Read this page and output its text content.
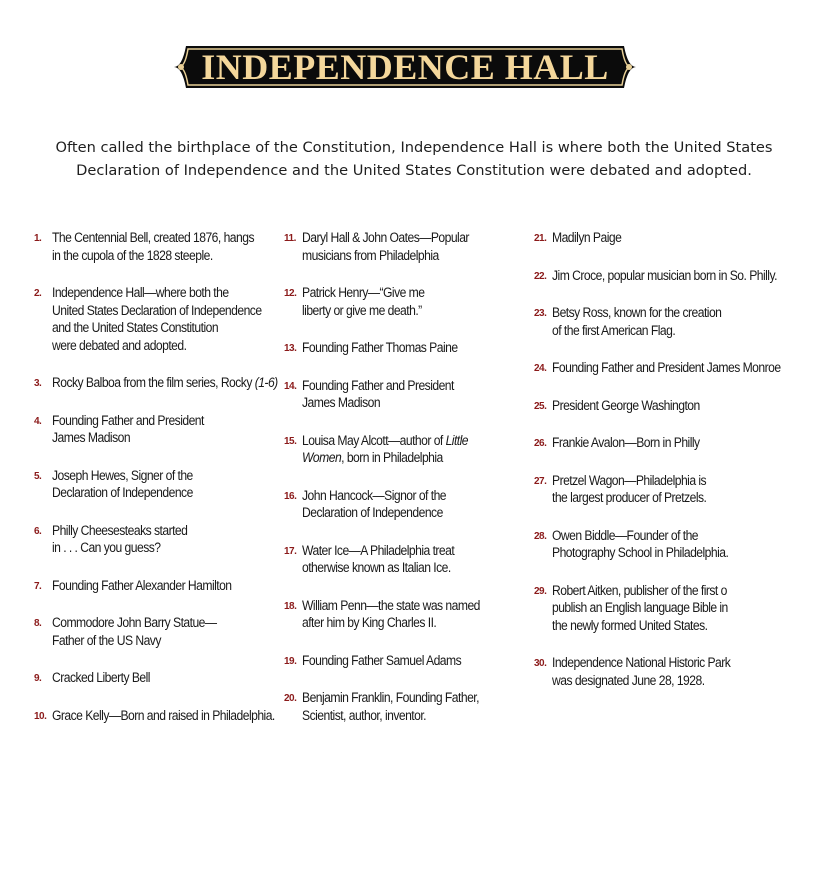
INDEPENDENCE HALL
Often called the birthplace of the Constitution, Independence Hall is where both the United States
Declaration of Independence and the United States Constitution were debated and adopted.
1. The Centennial Bell, created 1876, hangs
in the cupola of the 1828 steeple.
2. Independence Hall—where both the
United States Declaration of Independence
and the United States Constitution
were debated and adopted.
3. Rocky Balboa from the film series, Rocky (1-6)
4. Founding Father and President
James Madison
5. Joseph Hewes, Signer of the
Declaration of Independence
6. Philly Cheesesteaks started
in . . . Can you guess?
7. Founding Father Alexander Hamilton
8. Commodore John Barry Statue—
Father of the US Navy
9. Cracked Liberty Bell
10. Grace Kelly—Born and raised in Philadelphia.
11. Daryl Hall & John Oates—Popular
musicians from Philadelphia
12. Patrick Henry—“Give me
liberty or give me death.”
13. Founding Father Thomas Paine
14. Founding Father and President
James Madison
15. Louisa May Alcott—author of Little
Women, born in Philadelphia
16. John Hancock—Signor of the
Declaration of Independence
17. Water Ice—A Philadelphia treat
otherwise known as Italian Ice.
18. William Penn—the state was named
after him by King Charles II.
19. Founding Father Samuel Adams
20. Benjamin Franklin, Founding Father,
Scientist, author, inventor.
21. Madilyn Paige
22. Jim Croce, popular musician born in So. Philly.
23. Betsy Ross, known for the creation
of the first American Flag.
24. Founding Father and President James Monroe
25. President George Washington
26. Frankie Avalon—Born in Philly
27. Pretzel Wagon—Philadelphia is
the largest producer of Pretzels.
28. Owen Biddle—Founder of the
Photography School in Philadelphia.
29. Robert Aitken, publisher of the first o
publish an English language Bible in
the newly formed United States.
30. Independence National Historic Park
was designated June 28, 1928.
